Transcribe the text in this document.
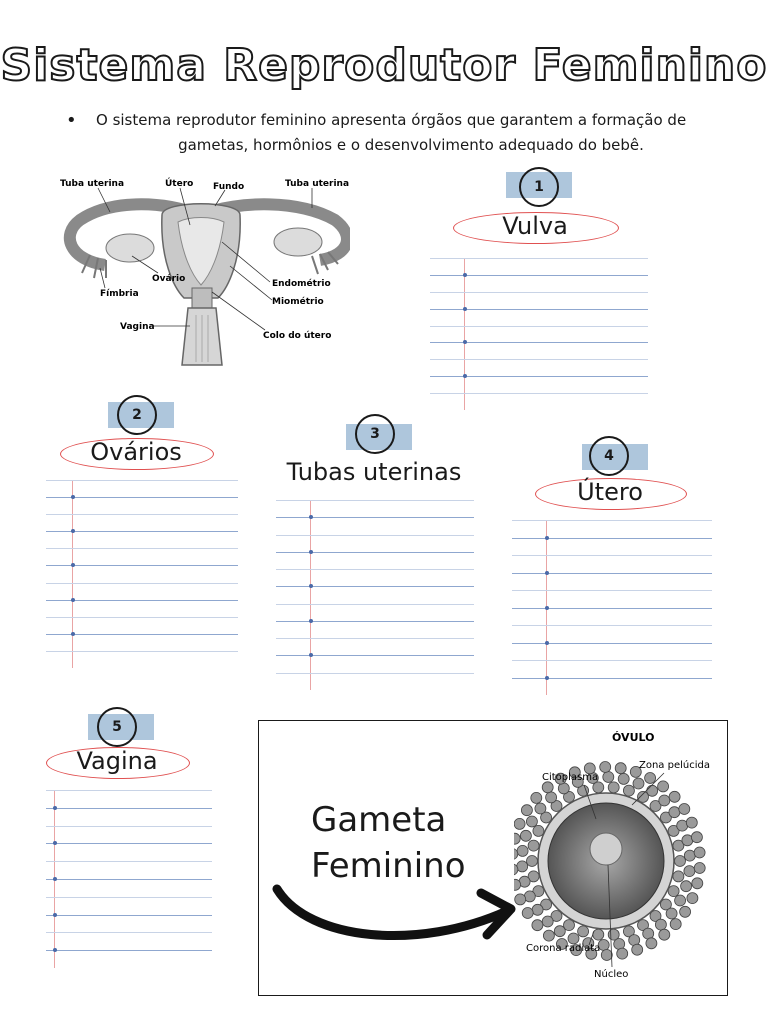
Sistema Reprodutor Feminino
• O sistema reprodutor feminino apresenta órgãos que garantem a formação de
gametas, hormônios e o desenvolvimento adequado do bebê.
Tuba uterina	Útero Fundo	Tuba uterina
Ovário
Fímbria
Endométrio
Miométrio
Vagina
Colo do útero
1
Vulva
2
Ovários
3
Tubas uterinas
4
Útero
5
Vagina
Gameta
Feminino
ÓVULO
Zona pelúcida
Citoplasma
Corona radiata
Núcleo
